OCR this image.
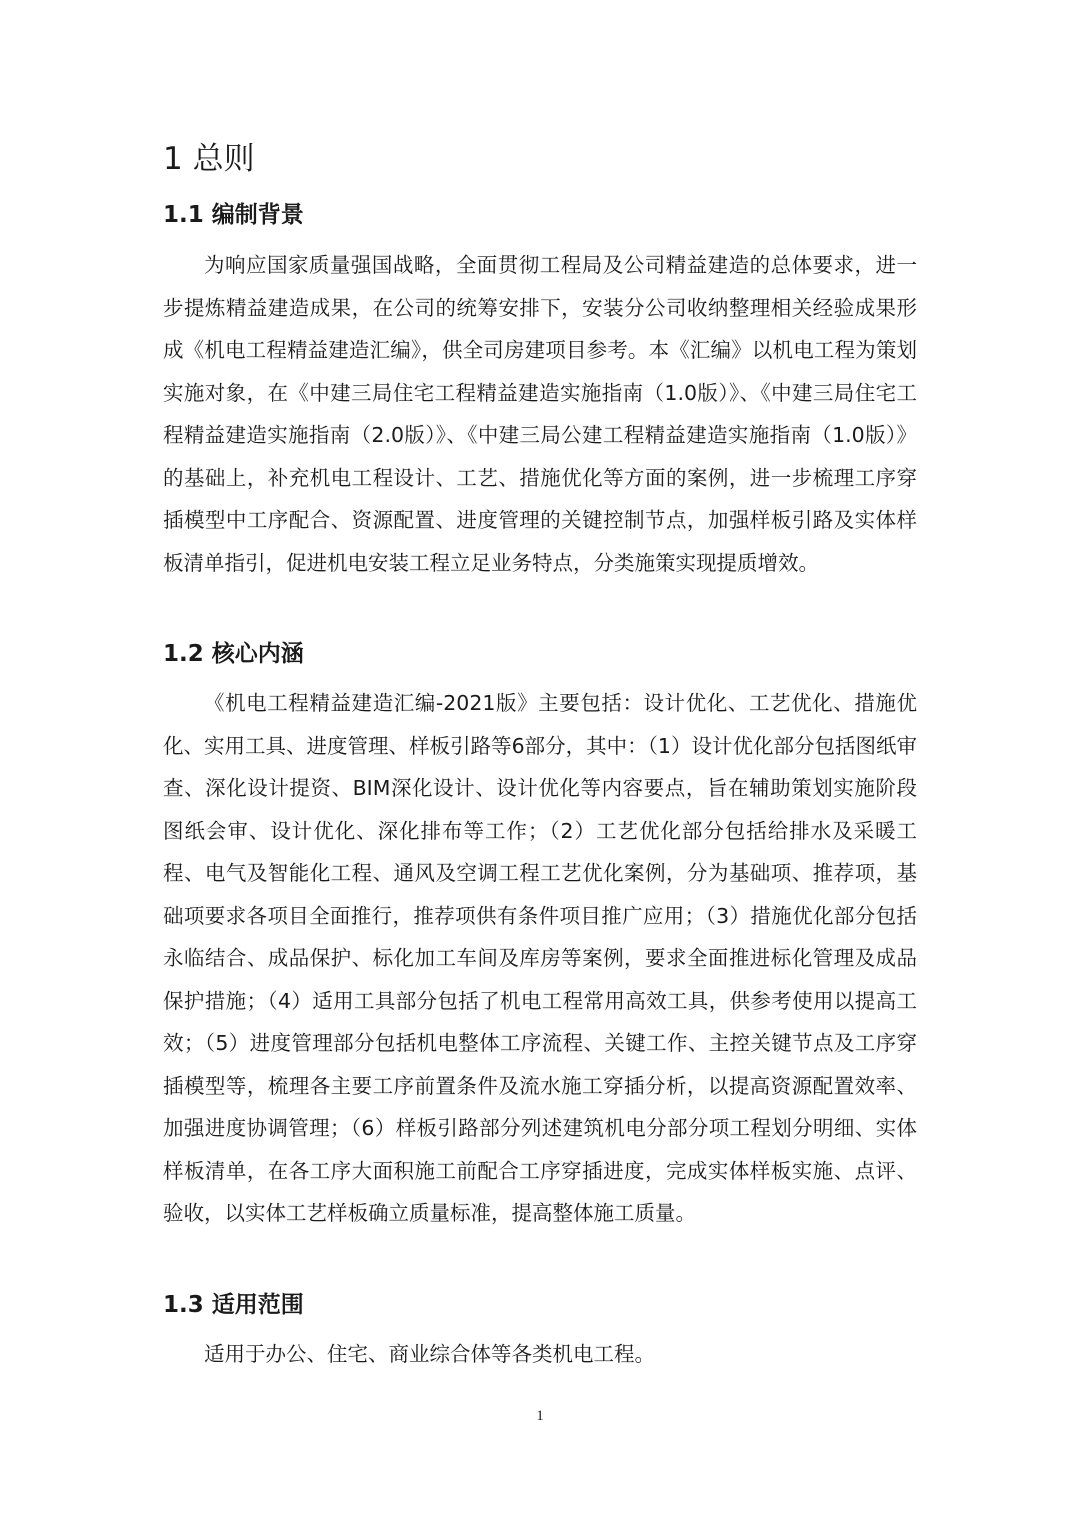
1 总则
1.1 编制背景

为响应国家质量强国战略，全面贯彻工程局及公司精益建造的总体要求，进一步提炼精益建造成果，在公司的统筹安排下，安装分公司收纳整理相关经验成果形成《机电工程精益建造汇编》，供全司房建项目参考。本《汇编》以机电工程为策划实施对象，在《中建三局住宅工程精益建造实施指南（1.0版）》、《中建三局住宅工程精益建造实施指南（2.0版）》、《中建三局公建工程精益建造实施指南（1.0版）》的基础上，补充机电工程设计、工艺、措施优化等方面的案例，进一步梳理工序穿插模型中工序配合、资源配置、进度管理的关键控制节点，加强样板引路及实体样板清单指引，促进机电安装工程立足业务特点，分类施策实现提质增效。

1.2 核心内涵

《机电工程精益建造汇编-2021版》主要包括：设计优化、工艺优化、措施优化、实用工具、进度管理、样板引路等6部分，其中：（1）设计优化部分包括图纸审查、深化设计提资、BIM深化设计、设计优化等内容要点，旨在辅助策划实施阶段图纸会审、设计优化、深化排布等工作；（2）工艺优化部分包括给排水及采暖工程、电气及智能化工程、通风及空调工程工艺优化案例，分为基础项、推荐项，基础项要求各项目全面推行，推荐项供有条件项目推广应用；（3）措施优化部分包括永临结合、成品保护、标化加工车间及库房等案例，要求全面推进标化管理及成品保护措施；（4）适用工具部分包括了机电工程常用高效工具，供参考使用以提高工效；（5）进度管理部分包括机电整体工序流程、关键工作、主控关键节点及工序穿插模型等，梳理各主要工序前置条件及流水施工穿插分析，以提高资源配置效率、加强进度协调管理；（6）样板引路部分列述建筑机电分部分项工程划分明细、实体样板清单，在各工序大面积施工前配合工序穿插进度，完成实体样板实施、点评、验收，以实体工艺样板确立质量标准，提高整体施工质量。

1.3 适用范围

适用于办公、住宅、商业综合体等各类机电工程。

1
